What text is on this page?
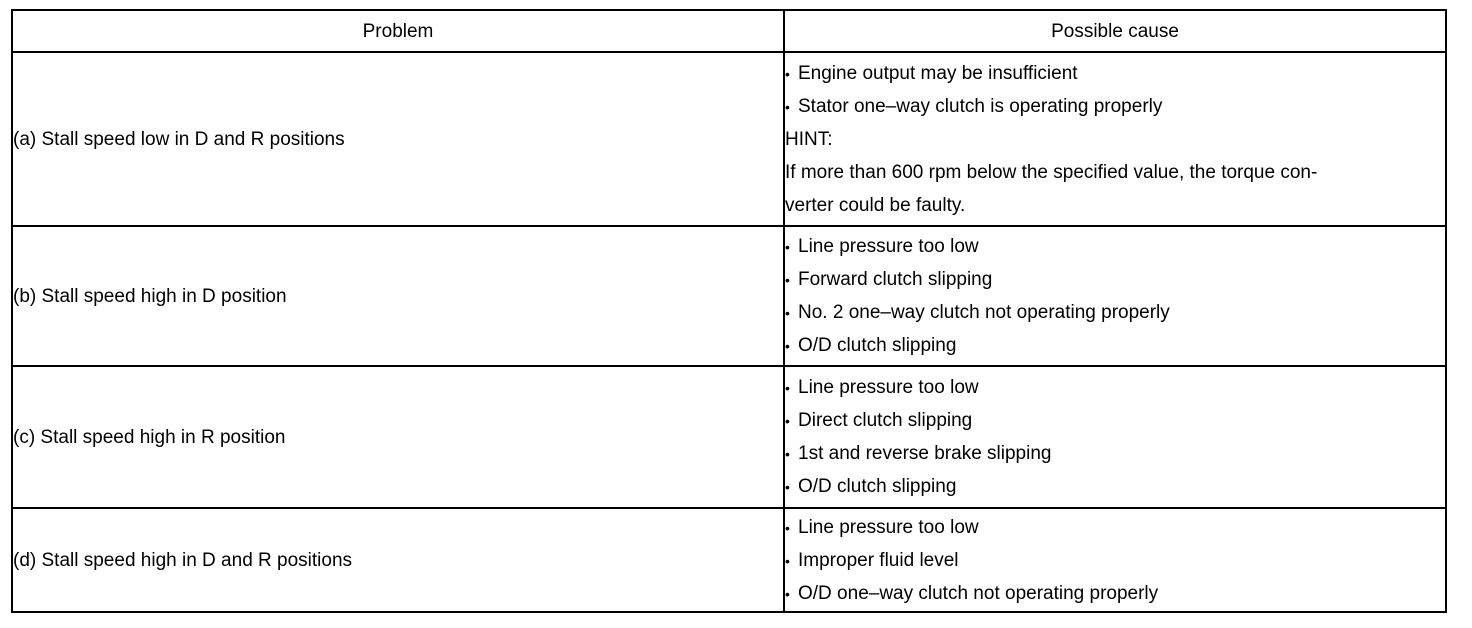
Problem	Possible cause
(a) Stall speed low in D and R positions	• Engine output may be insufficient
• Stator one–way clutch is operating properly
HINT:
If more than 600 rpm below the specified value, the torque con-
verter could be faulty.

(b) Stall speed high in D position	• Line pressure too low
• Forward clutch slipping
• No. 2 one–way clutch not operating properly
• O/D clutch slipping

(c) Stall speed high in R position	• Line pressure too low
• Direct clutch slipping
• 1st and reverse brake slipping
• O/D clutch slipping

(d) Stall speed high in D and R positions	• Line pressure too low
• Improper fluid level
• O/D one–way clutch not operating properly
